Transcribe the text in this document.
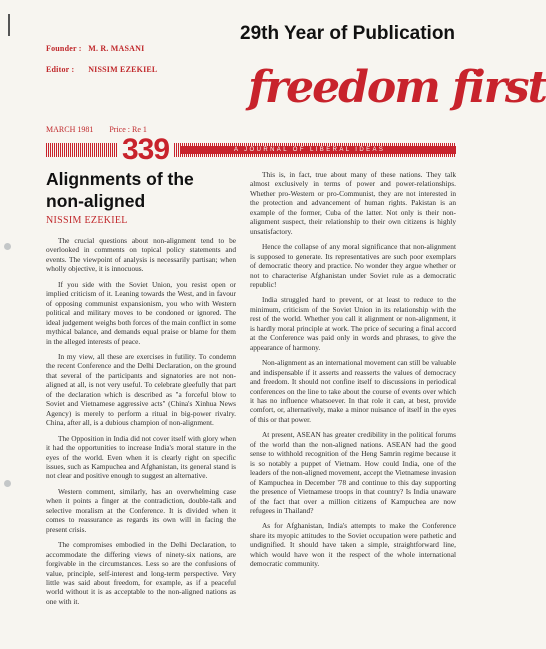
Founder : M. R. MASANI
Editor : NISSIM EZEKIEL
29th Year of Publication
freedom first
MARCH 1981 Price : Re 1
339	A JOURNAL OF LIBERAL IDEAS
Alignments of the non-aligned
NISSIM EZEKIEL

The crucial questions about non-alignment tend to be overlooked in comments on topical policy statements and events. The viewpoint of analysis is necessarily partisan; when wholly objective, it is innocuous.

If you side with the Soviet Union, you resist open or implied criticism of it. Leaning towards the West, and in favour of opposing communist expansionism, you who with Western political and military moves to be condoned or ignored. The ideal judgement weighs both forces of the main conflict in some mythical balance, and demands equal praise or blame for them in the alleged interests of peace.

In my view, all these are exercises in futility. To condemn the recent Conference and the Delhi Declaration, on the ground that several of the participants and signatories are not non-aligned at all, is not very useful. To celebrate gleefully that part of the declaration which is described as "a forceful blow to Soviet and Vietnamese aggressive acts" (China's Xinhua News Agency) is merely to perform a ritual in big-power rivalry. China, after all, is a dubious champion of non-alignment.

The Opposition in India did not cover itself with glory when it had the opportunities to increase India's moral stature in the eyes of the world. Even when it is clearly right on specific issues, such as Kampuchea and Afghanistan, its general stand is not clear and positive enough to suggest an alternative.

Western comment, similarly, has an overwhelming case when it points a finger at the contradiction, double-talk and selective moralism at the Conference. It is divided when it comes to reassurance as regards its own will in facing the present crisis.

The compromises embodied in the Delhi Declaration, to accommodate the differing views of ninety-six nations, are forgivable in the circumstances. Less so are the confusions of value, principle, self-interest and long-term perspective. Very little was said about freedom, for example, as if a peaceful world without it is as acceptable to the non-aligned nations as one with it.

This is, in fact, true about many of these nations. They talk almost exclusively in terms of power and power-relationships. Whether pro-Western or pro-Communist, they are not interested in the protection and advancement of human rights. Pakistan is an example of the former, Cuba of the latter. Not only is their non-alignment suspect, their relationship to their own citizens is highly unsatisfactory.

Hence the collapse of any moral significance that non-alignment is supposed to generate. Its representatives are such poor exemplars of democratic theory and practice. No wonder they argue whether or not to characterise Afghanistan under Soviet rule as a democratic republic!

India struggled hard to prevent, or at least to reduce to the minimum, criticism of the Soviet Union in its relationship with the rest of the world. Whether you call it alignment or non-alignment, it is hardly moral principle at work. The price of securing a final accord at the Conference was paid only in words and phrases, to give the appearance of harmony.

Non-alignment as an international movement can still be valuable and indispensable if it asserts and reasserts the values of democracy and freedom. It should not confine itself to discussions in periodical conferences on the line to take about the course of events over which it has no influence whatsoever. In that role it can, at best, provide comfort, or, alternatively, make a minor nuisance of itself in the eyes of this or that power.

At present, ASEAN has greater credibility in the political forums of the world than the non-aligned nations. ASEAN had the good sense to withhold recognition of the Heng Samrin regime because it is so notably a puppet of Vietnam. How could India, one of the leaders of the non-aligned movement, accept the Vietnamese invasion of Kampuchea in December '78 and continue to this day supporting the presence of Vietnamese troops in that country? Is India unaware of the fact that over a million citizens of Kampuchea are now refugees in Thailand?

As for Afghanistan, India's attempts to make the Conference share its myopic attitudes to the Soviet occupation were pathetic and undignified. It should have taken a simple, straightforward line, which would have won it the respect of the whole international democratic community.
